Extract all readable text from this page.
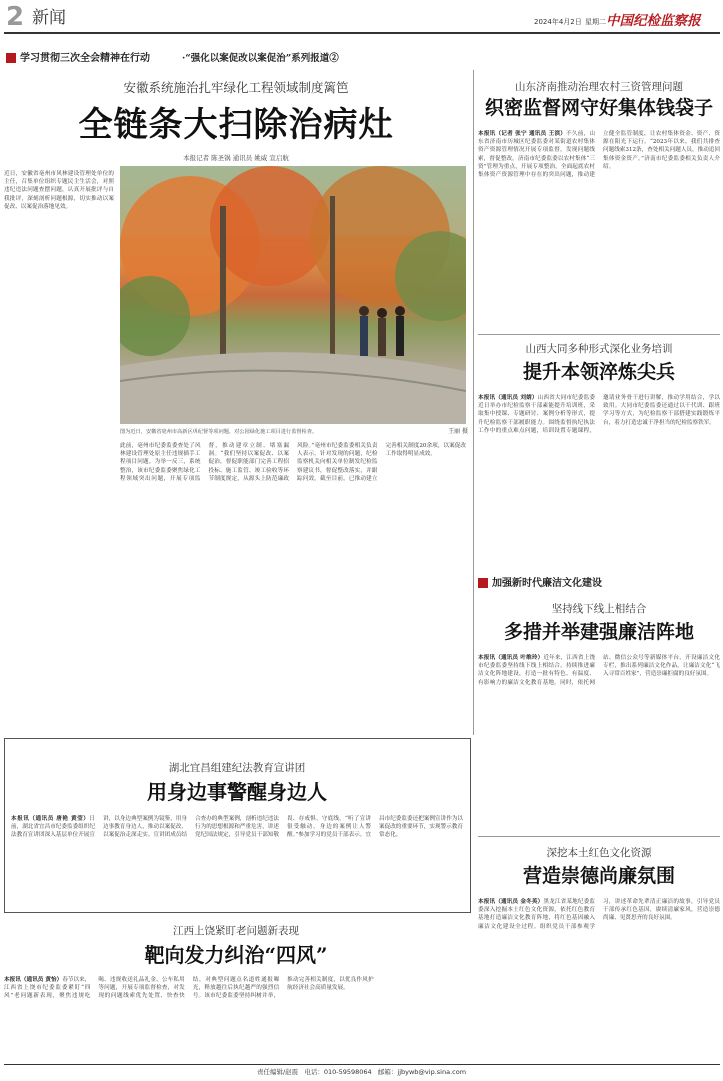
2 新闻	2024年4月2日 星期二 中国纪检监察报
学习贯彻三次全会精神在行动	·“强化以案促改以案促治”系列报道②
安徽系统施治扎牢绿化工程领域制度篱笆
全链条大扫除治病灶
本报记者 陈圣锅 通讯员 姚威 宣启航
近日，安徽省亳州市风林建设管理处单位的主任，召集单位组织专题民主生活会，对照违纪违法问题查摆问题，认真开展批评与自我批评，深刻剖析问题根源，切实推动以案促改、以案促治落地见效。
图为近日，安徽省亳州市高新区巩纪督等项问题，对公园绿化施工项目进行监督检查。	王丽 摄
此前，亳州市纪委监委查处了风林建设管理处原主任违规插手工程项目问题。为举一反三，系统整治，该市纪委监委聚焦绿化工程领域突出问题，开展专项监督，推动建章立制、堵塞漏洞。“我们坚持以案促改、以案促治，督促职能部门完善工程招投标、施工监管、竣工验收等环节制度规定，从源头上防范廉政风险。”亳州市纪委监委相关负责人表示。针对发现的问题，纪检监察机关向相关单位制发纪检监察建议书，督促整改落实，并跟踪问效。截至目前，已推动建立完善相关制度20余项，以案促改工作取得明显成效。
山东济南推动治理农村三资管理问题
织密监督网守好集体钱袋子
本报讯（记者 张宁 通讯员 王滨）不久前，山东省济南市历城区纪委监委对某街道农村集体资产资源管理情况开展专项监督，发现问题线索，督促整改。济南市纪委监委以农村集体“三资”管理为重点，开展专项整治，全面起底农村集体资产资源管理中存在的突出问题，推动建立健全监管制度，让农村集体资金、资产、资源在阳光下运行。“2023年以来，我们共排查问题线索312条，查处相关问题人员，推动追回集体资金资产。”济南市纪委监委相关负责人介绍。
山西大同多种形式深化业务培训
提升本领淬炼尖兵
本报讯（通讯员 刘婧）山西省大同市纪委监委近日举办市纪检监察干部素能提升培训班，采取集中授课、专题研讨、案例分析等形式，提升纪检监察干部履职能力。围绕监督执纪执法工作中的重点难点问题，培训设置专题课程，邀请业务骨干进行讲解，推动学用结合，学以致用。大同市纪委监委还通过以干代训、跟班学习等方式，为纪检监察干部搭建实践锻炼平台，着力打造忠诚干净担当的纪检监察铁军。
加强新时代廉洁文化建设
坚持线下线上相结合
多措并举建强廉洁阵地
本报讯（通讯员 叶维玲）近年来，江西省上饶市纪委监委坚持线下线上相结合，持续推进廉洁文化阵地建设，打造一批有特色、有温度、有影响力的廉洁文化教育基地。同时，依托网站、微信公众号等新媒体平台，开设廉洁文化专栏，推出系列廉洁文化作品，让廉洁文化“飞入寻常百姓家”，营造崇廉拒腐的良好氛围。
深挖本土红色文化资源
营造崇德尚廉氛围
本报讯（通讯员 金冬英）黑龙江省某地纪委监委深入挖掘本土红色文化资源，依托红色教育基地打造廉洁文化教育阵地，将红色基因融入廉洁文化建设全过程。组织党员干部参观学习，讲述革命先辈清正廉洁的故事，引导党员干部传承红色基因，赓续清廉家风，营造崇德尚廉、见贤思齐的良好氛围。
湖北宜昌组建纪法教育宣讲团
用身边事警醒身边人
本报讯（通讯员 唐艳 黄莹）日前，湖北省宜昌市纪委监委组织纪法教育宣讲团深入基层单位开展宣讲，以身边典型案例为镜鉴，用身边事教育身边人，推动以案促改、以案促治走深走实。宣讲团成员结合查办的典型案例，剖析违纪违法行为的思想根源和严重危害，讲述党纪国法规定，引导党员干部知敬畏、存戒惧、守底线。“听了宣讲很受触动，身边的案例让人警醒。”参加学习的党员干部表示。宜昌市纪委监委还把案例宣讲作为以案促改的重要环节，实现警示教育常态化。
江西上饶紧盯老问题新表现
靶向发力纠治“四风”
本报讯（通讯员 黄怡）春节以来，江西省上饶市纪委监委紧盯“四风”老问题新表现，聚焦违规吃喝、违规收送礼品礼金、公车私用等问题，开展专项监督检查，对发现的问题线索优先处置、快查快结，对典型问题点名道姓通报曝光，释放越往后执纪越严的强烈信号。该市纪委监委坚持纠树并举，推动完善相关制度，以优良作风护航经济社会高质量发展。
责任编辑/赵震 电话：010-59598064 邮箱：jjbywb@vip.sina.com
